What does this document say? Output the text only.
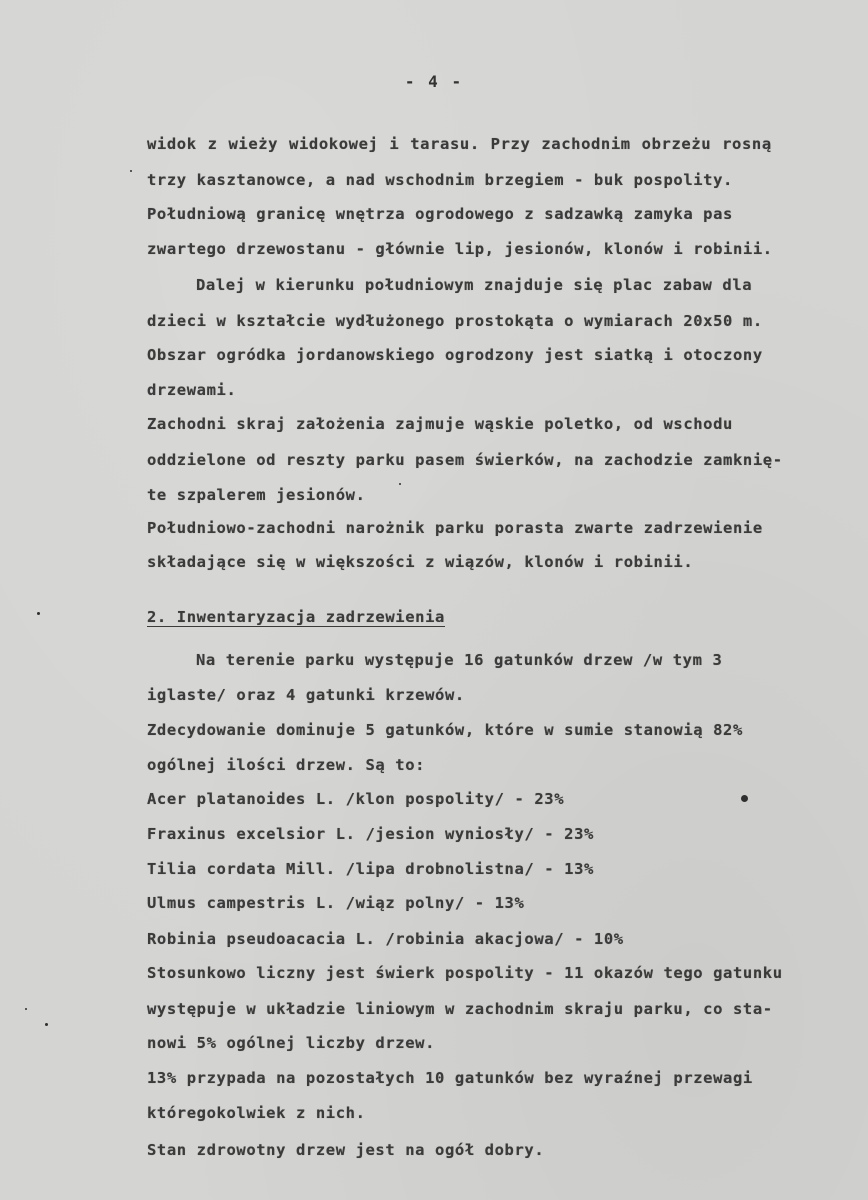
- 4 -
widok z wieży widokowej i tarasu. Przy zachodnim obrzeżu rosną
trzy kasztanowce, a nad wschodnim brzegiem - buk pospolity.
Południową granicę wnętrza ogrodowego z sadzawką zamyka pas
zwartego drzewostanu - głównie lip, jesionów, klonów i robinii.
Dalej w kierunku południowym znajduje się plac zabaw dla
dzieci w kształcie wydłużonego prostokąta o wymiarach 20x50 m.
Obszar ogródka jordanowskiego ogrodzony jest siatką i otoczony
drzewami.
Zachodni skraj założenia zajmuje wąskie poletko, od wschodu
oddzielone od reszty parku pasem świerków, na zachodzie zamknię-
te szpalerem jesionów.
Południowo-zachodni narożnik parku porasta zwarte zadrzewienie
składające się w większości z wiązów, klonów i robinii.
2. Inwentaryzacja zadrzewienia
Na terenie parku występuje 16 gatunków drzew /w tym 3
iglaste/ oraz 4 gatunki krzewów.
Zdecydowanie dominuje 5 gatunków, które w sumie stanowią 82%
ogólnej ilości drzew. Są to:
Acer platanoides L. /klon pospolity/ - 23%
Fraxinus excelsior L. /jesion wyniosły/ - 23%
Tilia cordata Mill. /lipa drobnolistna/ - 13%
Ulmus campestris L. /wiąz polny/ - 13%
Robinia pseudoacacia L. /robinia akacjowa/ - 10%
Stosunkowo liczny jest świerk pospolity - 11 okazów tego gatunku
występuje w układzie liniowym w zachodnim skraju parku, co sta-
nowi 5% ogólnej liczby drzew.
13% przypada na pozostałych 10 gatunków bez wyraźnej przewagi
któregokolwiek z nich.
Stan zdrowotny drzew jest na ogół dobry.
